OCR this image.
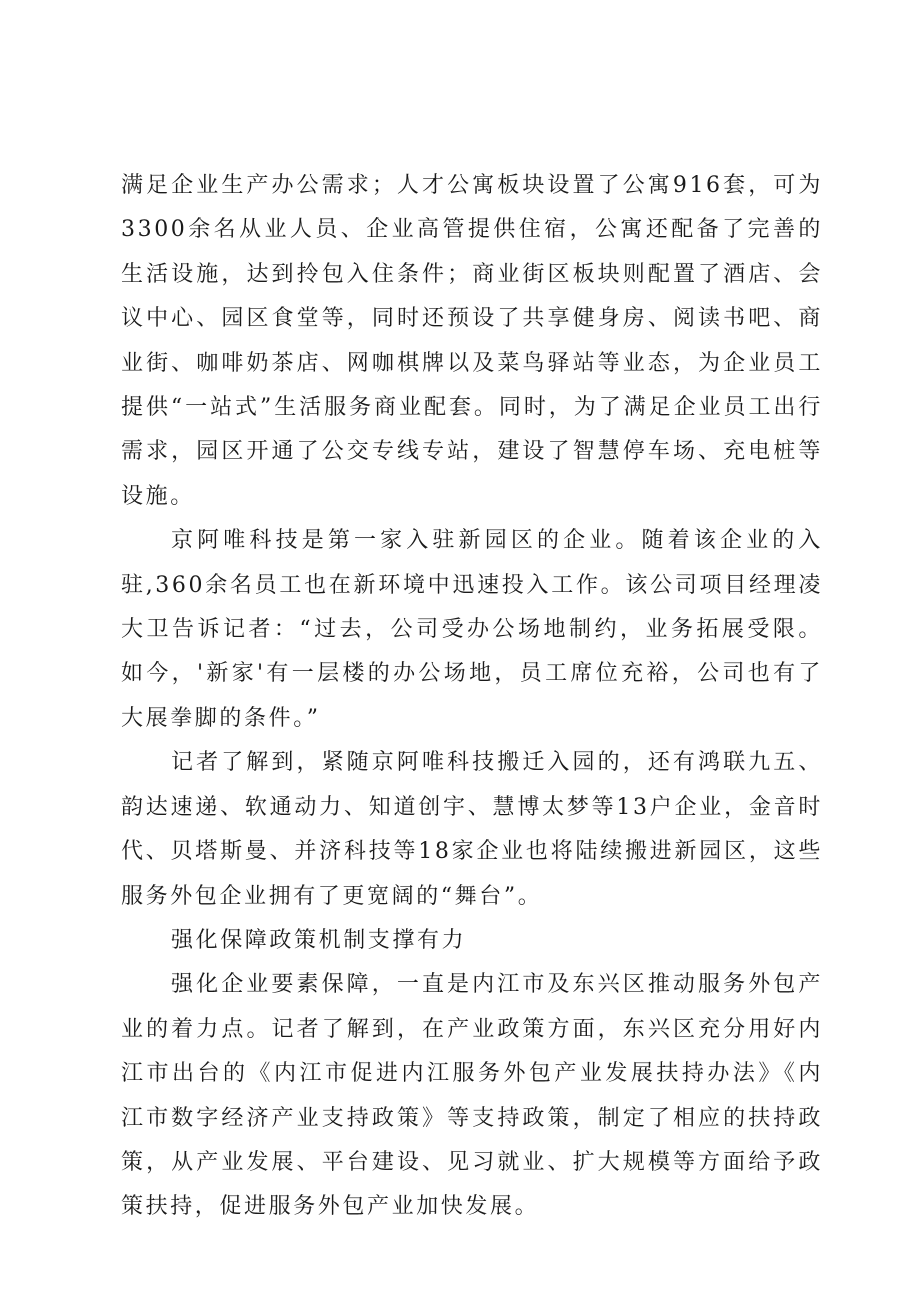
满足企业生产办公需求；人才公寓板块设置了公寓916套，可为3300余名从业人员、企业高管提供住宿，公寓还配备了完善的生活设施，达到拎包入住条件；商业街区板块则配置了酒店、会议中心、园区食堂等，同时还预设了共享健身房、阅读书吧、商业街、咖啡奶茶店、网咖棋牌以及菜鸟驿站等业态，为企业员工提供“一站式”生活服务商业配套。同时，为了满足企业员工出行需求，园区开通了公交专线专站，建设了智慧停车场、充电桩等设施。

京阿唯科技是第一家入驻新园区的企业。随着该企业的入驻,360余名员工也在新环境中迅速投入工作。该公司项目经理凌大卫告诉记者：“过去，公司受办公场地制约，业务拓展受限。如今，'新家'有一层楼的办公场地，员工席位充裕，公司也有了大展拳脚的条件。”

记者了解到，紧随京阿唯科技搬迁入园的，还有鸿联九五、韵达速递、软通动力、知道创宇、慧博太梦等13户企业，金音时代、贝塔斯曼、并济科技等18家企业也将陆续搬进新园区，这些服务外包企业拥有了更宽阔的“舞台”。

强化保障政策机制支撑有力

强化企业要素保障，一直是内江市及东兴区推动服务外包产业的着力点。记者了解到，在产业政策方面，东兴区充分用好内江市出台的《内江市促进内江服务外包产业发展扶持办法》《内江市数字经济产业支持政策》等支持政策，制定了相应的扶持政策，从产业发展、平台建设、见习就业、扩大规模等方面给予政策扶持，促进服务外包产业加快发展。
